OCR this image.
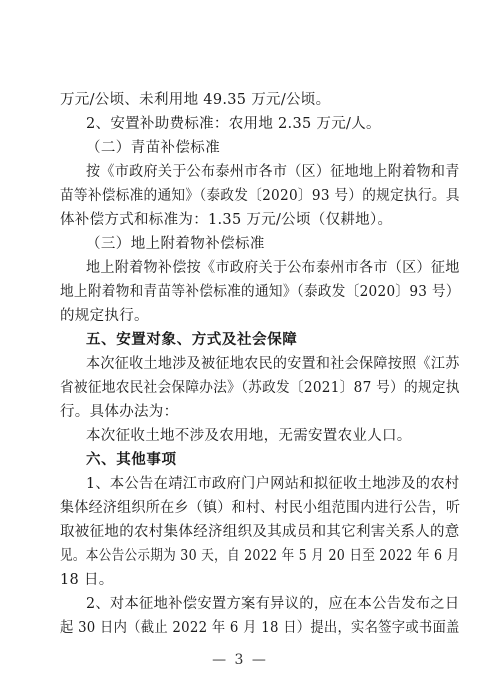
万元/公顷、未利用地 49.35 万元/公顷。
2、安置补助费标准：农用地 2.35 万元/人。
（二）青苗补偿标准
按《市政府关于公布泰州市各市（区）征地地上附着物和青
苗等补偿标准的通知》（泰政发〔2020〕93 号）的规定执行。具
体补偿方式和标准为：1.35 万元/公顷（仅耕地）。
（三）地上附着物补偿标准
地上附着物补偿按《市政府关于公布泰州市各市（区）征地
地上附着物和青苗等补偿标准的通知》（泰政发〔2020〕93 号）
的规定执行。
五、安置对象、方式及社会保障
本次征收土地涉及被征地农民的安置和社会保障按照《江苏
省被征地农民社会保障办法》（苏政发〔2021〕87 号）的规定执
行。具体办法为：
本次征收土地不涉及农用地，无需安置农业人口。
六、其他事项
1、本公告在靖江市政府门户网站和拟征收土地涉及的农村
集体经济组织所在乡（镇）和村、村民小组范围内进行公告，听
取被征地的农村集体经济组织及其成员和其它利害关系人的意
见。本公告公示期为 30 天，自 2022 年 5 月 20 日至 2022 年 6 月
18 日。
2、对本征地补偿安置方案有异议的，应在本公告发布之日
起 30 日内（截止 2022 年 6 月 18 日）提出，实名签字或书面盖
— 3 —
